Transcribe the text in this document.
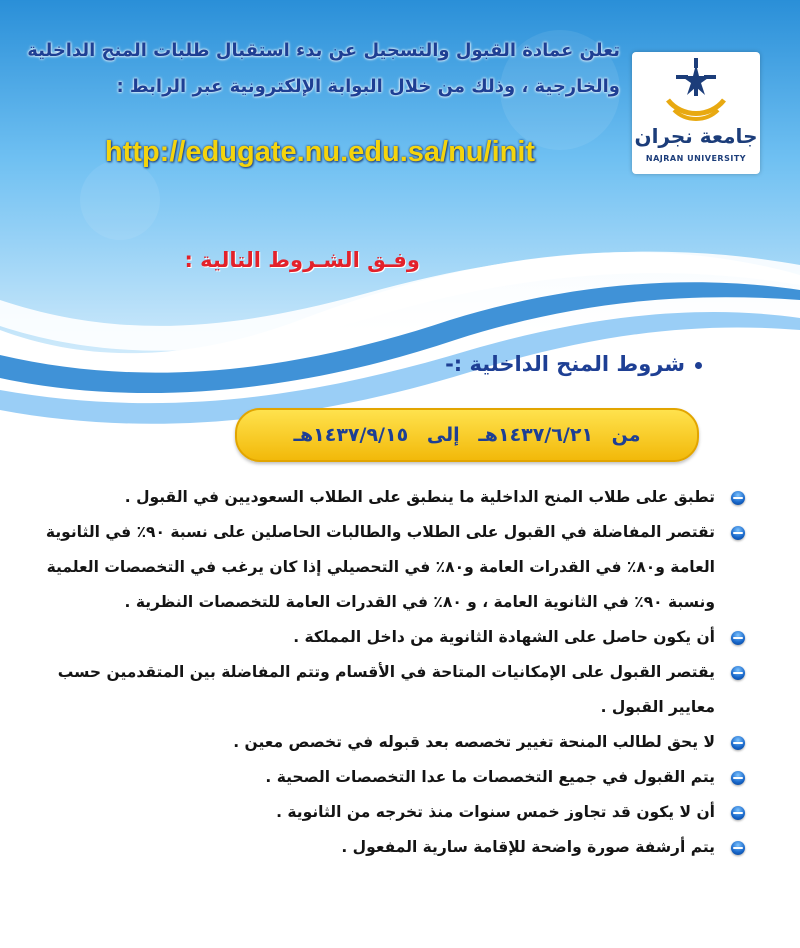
جامعة نجران
NAJRAN UNIVERSITY
تعلن عمادة القبول والتسجيل عن بدء استقبال طلبات المنح الداخلية
والخارجية ، وذلك من خلال البوابة الإلكترونية عبر الرابط :
http://edugate.nu.edu.sa/nu/init
وفـق الشـروط التالية :
شروط المنح الداخلية :-
من ١٤٣٧/٦/٢١هـ إلى ١٤٣٧/٩/١٥هـ
تطبق على طلاب المنح الداخلية ما ينطبق على الطلاب السعوديين في القبول .
تقتصر المفاضلة في القبول على الطلاب والطالبات الحاصلين على نسبة ٩٠٪ في الثانوية العامة و٨٠٪ في القدرات العامة و٨٠٪ في التحصيلي إذا كان يرغب في التخصصات العلمية ونسبة ٩٠٪ في الثانوية العامة ، و ٨٠٪ في القدرات العامة للتخصصات النظرية .
أن يكون حاصل على الشهادة الثانوية من داخل المملكة .
يقتصر القبول على الإمكانيات المتاحة في الأقسام وتتم المفاضلة بين المتقدمين حسب معايير القبول .
لا يحق لطالب المنحة تغيير تخصصه بعد قبوله في تخصص معين .
يتم القبول في جميع التخصصات ما عدا التخصصات الصحية .
أن لا يكون قد تجاوز خمس سنوات منذ تخرجه من الثانوية .
يتم أرشفة صورة واضحة للإقامة سارية المفعول .
